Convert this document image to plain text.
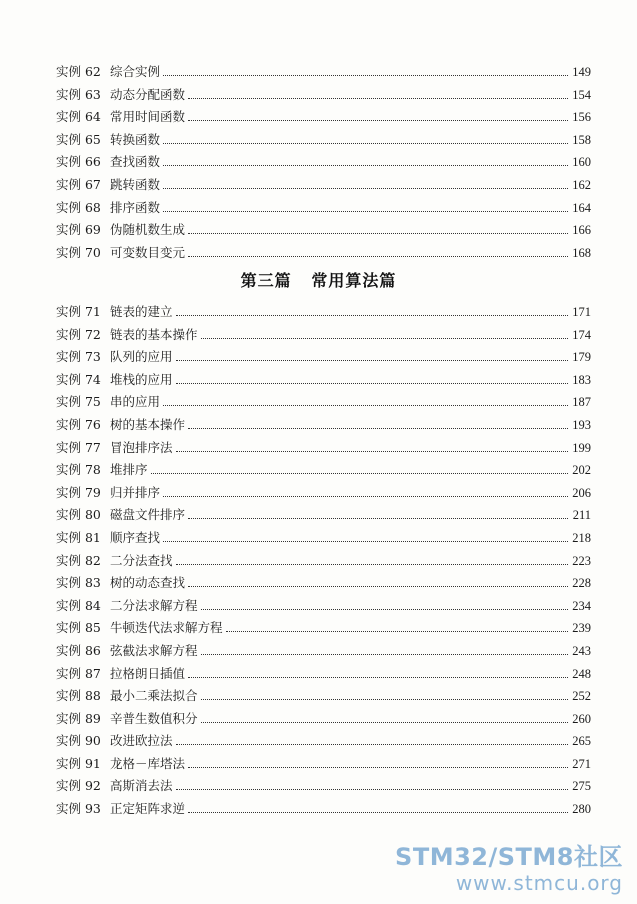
实例 62 综合实例	149
实例 63 动态分配函数	154
实例 64 常用时间函数	156
实例 65 转换函数	158
实例 66 查找函数	160
实例 67 跳转函数	162
实例 68 排序函数	164
实例 69 伪随机数生成	166
实例 70 可变数目变元	168
第三篇   常用算法篇
实例 71 链表的建立	171
实例 72 链表的基本操作	174
实例 73 队列的应用	179
实例 74 堆栈的应用	183
实例 75 串的应用	187
实例 76 树的基本操作	193
实例 77 冒泡排序法	199
实例 78 堆排序	202
实例 79 归并排序	206
实例 80 磁盘文件排序	211
实例 81 顺序查找	218
实例 82 二分法查找	223
实例 83 树的动态查找	228
实例 84 二分法求解方程	234
实例 85 牛顿迭代法求解方程	239
实例 86 弦截法求解方程	243
实例 87 拉格朗日插值	248
实例 88 最小二乘法拟合	252
实例 89 辛普生数值积分	260
实例 90 改进欧拉法	265
实例 91 龙格－库塔法	271
实例 92 高斯消去法	275
实例 93 正定矩阵求逆	280
STM32/STM8社区
www.stmcu.org
